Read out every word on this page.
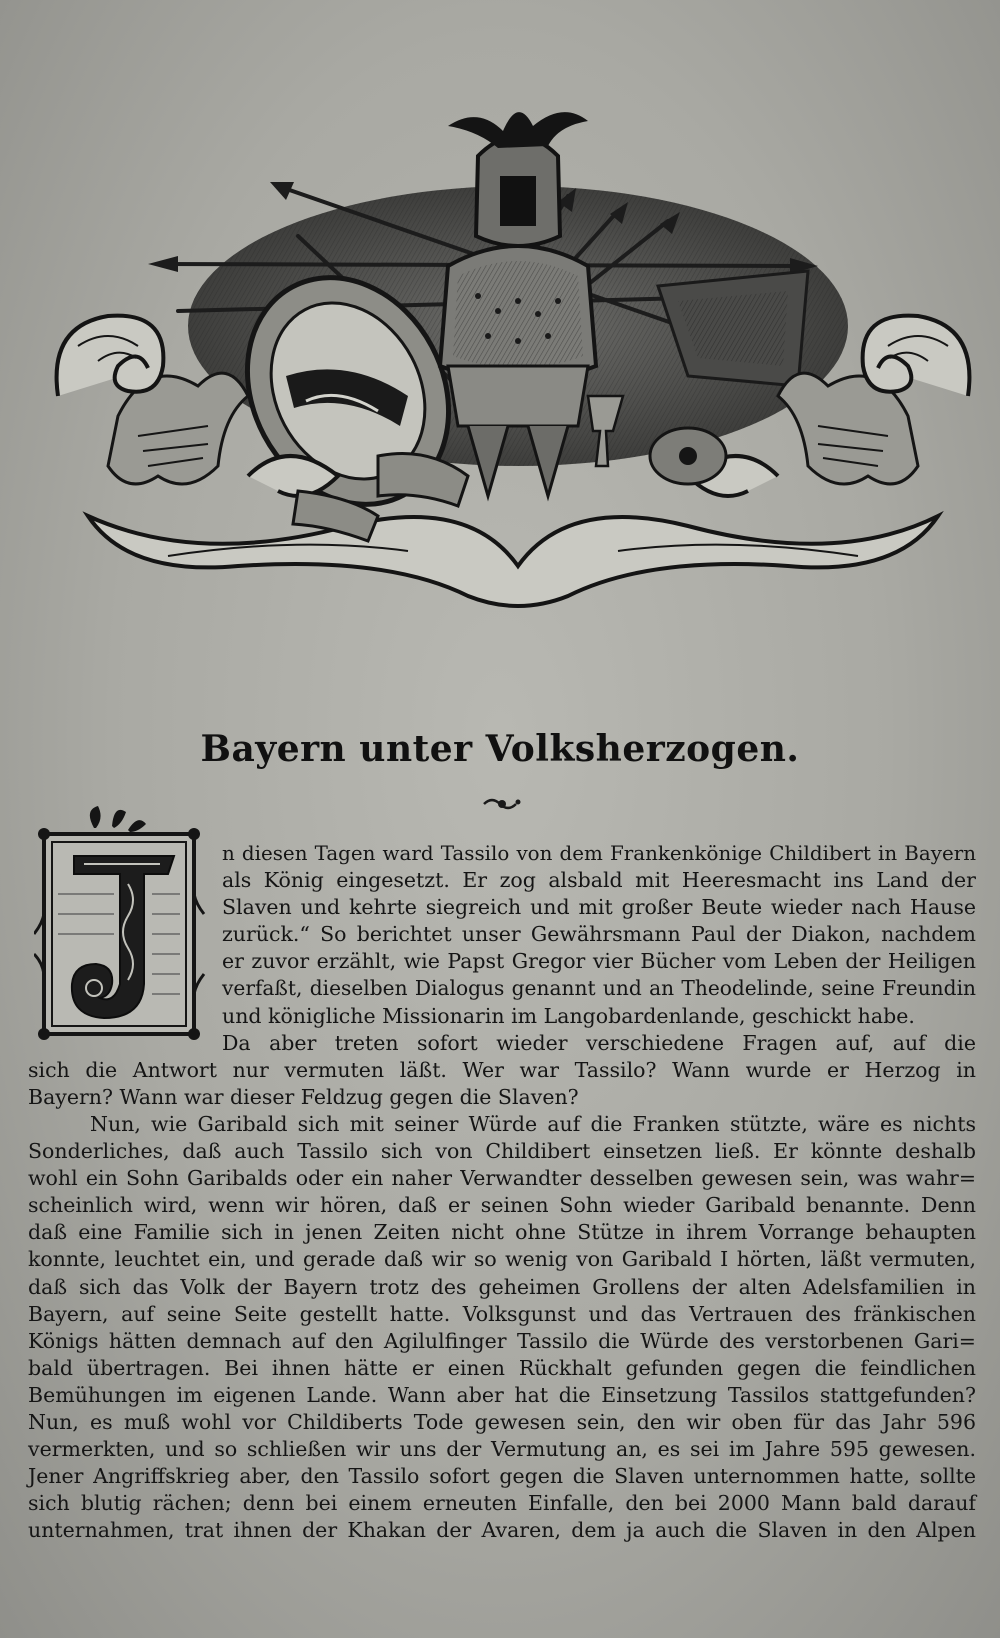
Bayern unter Volksherzogen.
n diesen Tagen ward Tassilo von dem Frankenkönige Childibert in Bayern
als König eingesetzt. Er zog alsbald mit Heeresmacht ins Land der
Slaven und kehrte siegreich und mit großer Beute wieder nach Hause
zurück.“ So berichtet unser Gewährsmann Paul der Diakon, nachdem
er zuvor erzählt, wie Papst Gregor vier Bücher vom Leben der Heiligen
verfaßt, dieselben Dialogus genannt und an Theodelinde, seine Freundin
und königliche Missionarin im Langobardenlande, geschickt habe.
Da aber treten sofort wieder verschiedene Fragen auf, auf die
sich die Antwort nur vermuten läßt. Wer war Tassilo? Wann wurde er Herzog in
Bayern? Wann war dieser Feldzug gegen die Slaven?
Nun, wie Garibald sich mit seiner Würde auf die Franken stützte, wäre es nichts
Sonderliches, daß auch Tassilo sich von Childibert einsetzen ließ. Er könnte deshalb
wohl ein Sohn Garibalds oder ein naher Verwandter desselben gewesen sein, was wahr=
scheinlich wird, wenn wir hören, daß er seinen Sohn wieder Garibald benannte. Denn
daß eine Familie sich in jenen Zeiten nicht ohne Stütze in ihrem Vorrange behaupten
konnte, leuchtet ein, und gerade daß wir so wenig von Garibald I hörten, läßt vermuten,
daß sich das Volk der Bayern trotz des geheimen Grollens der alten Adelsfamilien in
Bayern, auf seine Seite gestellt hatte. Volksgunst und das Vertrauen des fränkischen
Königs hätten demnach auf den Agilulfinger Tassilo die Würde des verstorbenen Gari=
bald übertragen. Bei ihnen hätte er einen Rückhalt gefunden gegen die feindlichen
Bemühungen im eigenen Lande. Wann aber hat die Einsetzung Tassilos stattgefunden?
Nun, es muß wohl vor Childiberts Tode gewesen sein, den wir oben für das Jahr 596
vermerkten, und so schließen wir uns der Vermutung an, es sei im Jahre 595 gewesen.
Jener Angriffskrieg aber, den Tassilo sofort gegen die Slaven unternommen hatte, sollte
sich blutig rächen; denn bei einem erneuten Einfalle, den bei 2000 Mann bald darauf
unternahmen, trat ihnen der Khakan der Avaren, dem ja auch die Slaven in den Alpen
